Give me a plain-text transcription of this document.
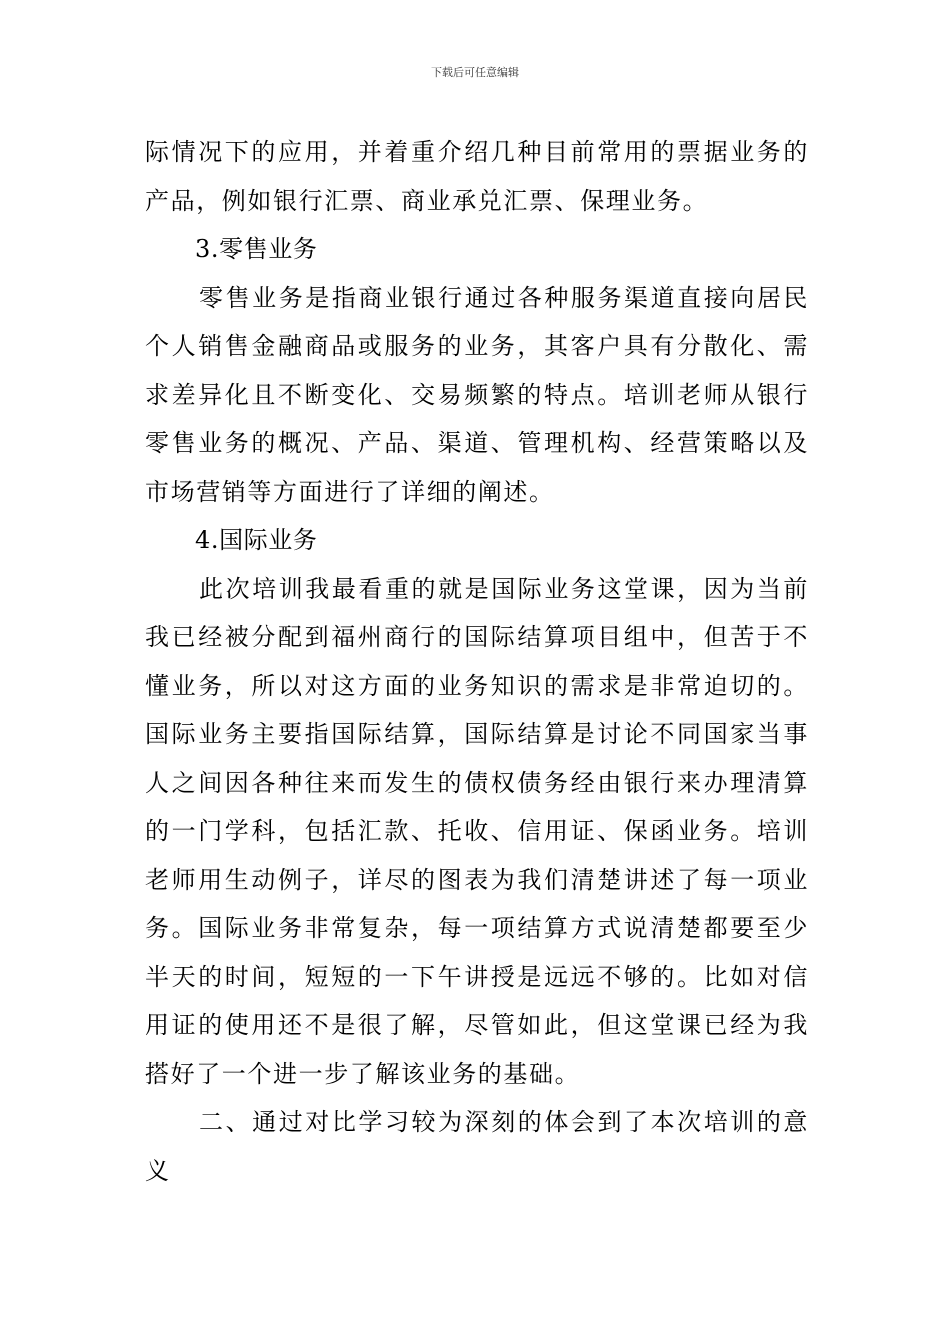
下载后可任意编辑

际情况下的应用，并着重介绍几种目前常用的票据业务的产品，例如银行汇票、商业承兑汇票、保理业务。

3.零售业务

零售业务是指商业银行通过各种服务渠道直接向居民个人销售金融商品或服务的业务，其客户具有分散化、需求差异化且不断变化、交易频繁的特点。培训老师从银行零售业务的概况、产品、渠道、管理机构、经营策略以及市场营销等方面进行了详细的阐述。

4.国际业务

此次培训我最看重的就是国际业务这堂课，因为当前我已经被分配到福州商行的国际结算项目组中，但苦于不懂业务，所以对这方面的业务知识的需求是非常迫切的。国际业务主要指国际结算，国际结算是讨论不同国家当事人之间因各种往来而发生的债权债务经由银行来办理清算的一门学科，包括汇款、托收、信用证、保函业务。培训老师用生动例子，详尽的图表为我们清楚讲述了每一项业务。国际业务非常复杂，每一项结算方式说清楚都要至少半天的时间，短短的一下午讲授是远远不够的。比如对信用证的使用还不是很了解，尽管如此，但这堂课已经为我搭好了一个进一步了解该业务的基础。

二、通过对比学习较为深刻的体会到了本次培训的意义
